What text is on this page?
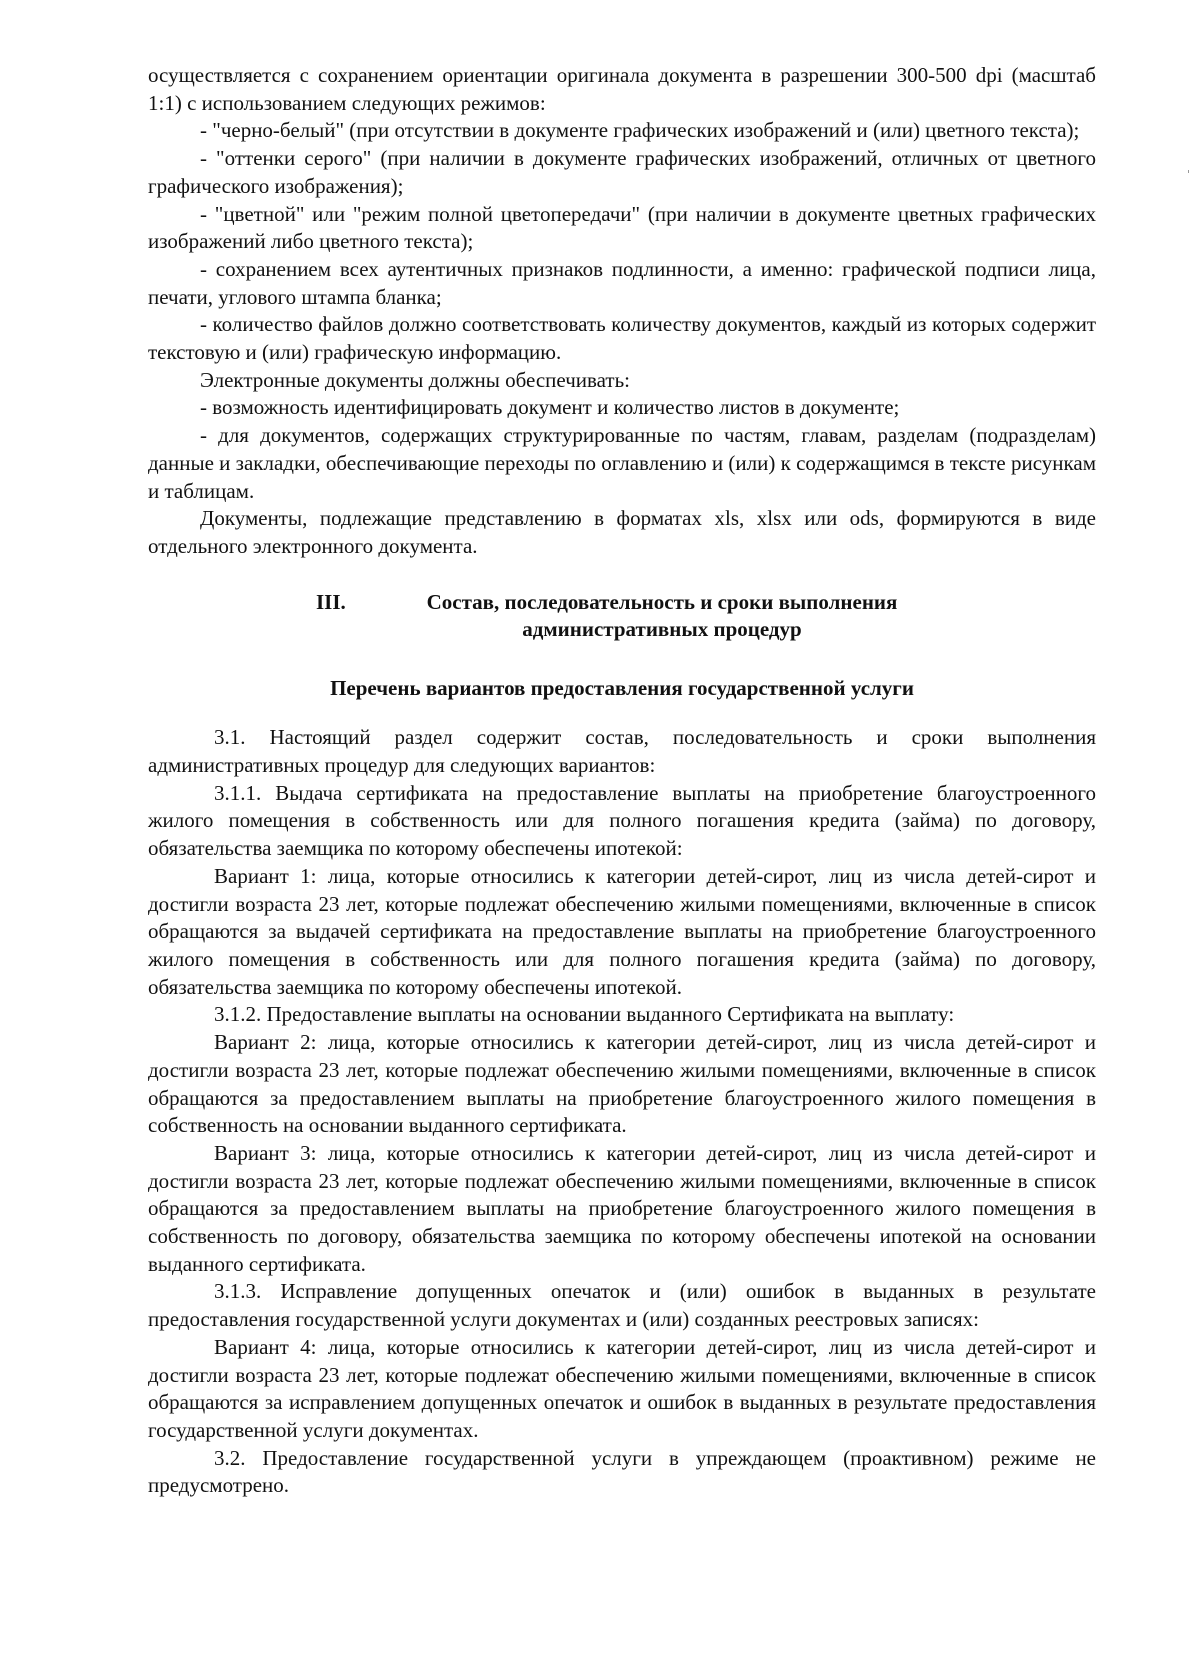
осуществляется с сохранением ориентации оригинала документа в разрешении 300-500 dpi (масштаб 1:1) с использованием следующих режимов:

- "черно-белый" (при отсутствии в документе графических изображений и (или) цветного текста);

- "оттенки серого" (при наличии в документе графических изображений, отличных от цветного графического изображения);

- "цветной" или "режим полной цветопередачи" (при наличии в документе цветных графических изображений либо цветного текста);

- сохранением всех аутентичных признаков подлинности, а именно: графической подписи лица, печати, углового штампа бланка;

- количество файлов должно соответствовать количеству документов, каждый из которых содержит текстовую и (или) графическую информацию.

Электронные документы должны обеспечивать:

- возможность идентифицировать документ и количество листов в документе;

- для документов, содержащих структурированные по частям, главам, разделам (подразделам) данные и закладки, обеспечивающие переходы по оглавлению и (или) к содержащимся в тексте рисункам и таблицам.

Документы, подлежащие представлению в форматах xls, xlsx или ods, формируются в виде отдельного электронного документа.

III.	Состав, последовательность и сроки выполнения
административных процедур
Перечень вариантов предоставления государственной услуги

3.1. Настоящий раздел содержит состав, последовательность и сроки выполнения административных процедур для следующих вариантов:

3.1.1. Выдача сертификата на предоставление выплаты на приобретение благоустроенного жилого помещения в собственность или для полного погашения кредита (займа) по договору, обязательства заемщика по которому обеспечены ипотекой:

Вариант 1: лица, которые относились к категории детей-сирот, лиц из числа детей-сирот и достигли возраста 23 лет, которые подлежат обеспечению жилыми помещениями, включенные в список обращаются за выдачей сертификата на предоставление выплаты на приобретение благоустроенного жилого помещения в собственность или для полного погашения кредита (займа) по договору, обязательства заемщика по которому обеспечены ипотекой.

3.1.2. Предоставление выплаты на основании выданного Сертификата на выплату:

Вариант 2: лица, которые относились к категории детей-сирот, лиц из числа детей-сирот и достигли возраста 23 лет, которые подлежат обеспечению жилыми помещениями, включенные в список обращаются за предоставлением выплаты на приобретение благоустроенного жилого помещения в собственность на основании выданного сертификата.

Вариант 3: лица, которые относились к категории детей-сирот, лиц из числа детей-сирот и достигли возраста 23 лет, которые подлежат обеспечению жилыми помещениями, включенные в список обращаются за предоставлением выплаты на приобретение благоустроенного жилого помещения в собственность по договору, обязательства заемщика по которому обеспечены ипотекой на основании выданного сертификата.

3.1.3. Исправление допущенных опечаток и (или) ошибок в выданных в результате предоставления государственной услуги документах и (или) созданных реестровых записях:

Вариант 4: лица, которые относились к категории детей-сирот, лиц из числа детей-сирот и достигли возраста 23 лет, которые подлежат обеспечению жилыми помещениями, включенные в список обращаются за исправлением допущенных опечаток и ошибок в выданных в результате предоставления государственной услуги документах.

3.2. Предоставление государственной услуги в упреждающем (проактивном) режиме не предусмотрено.
